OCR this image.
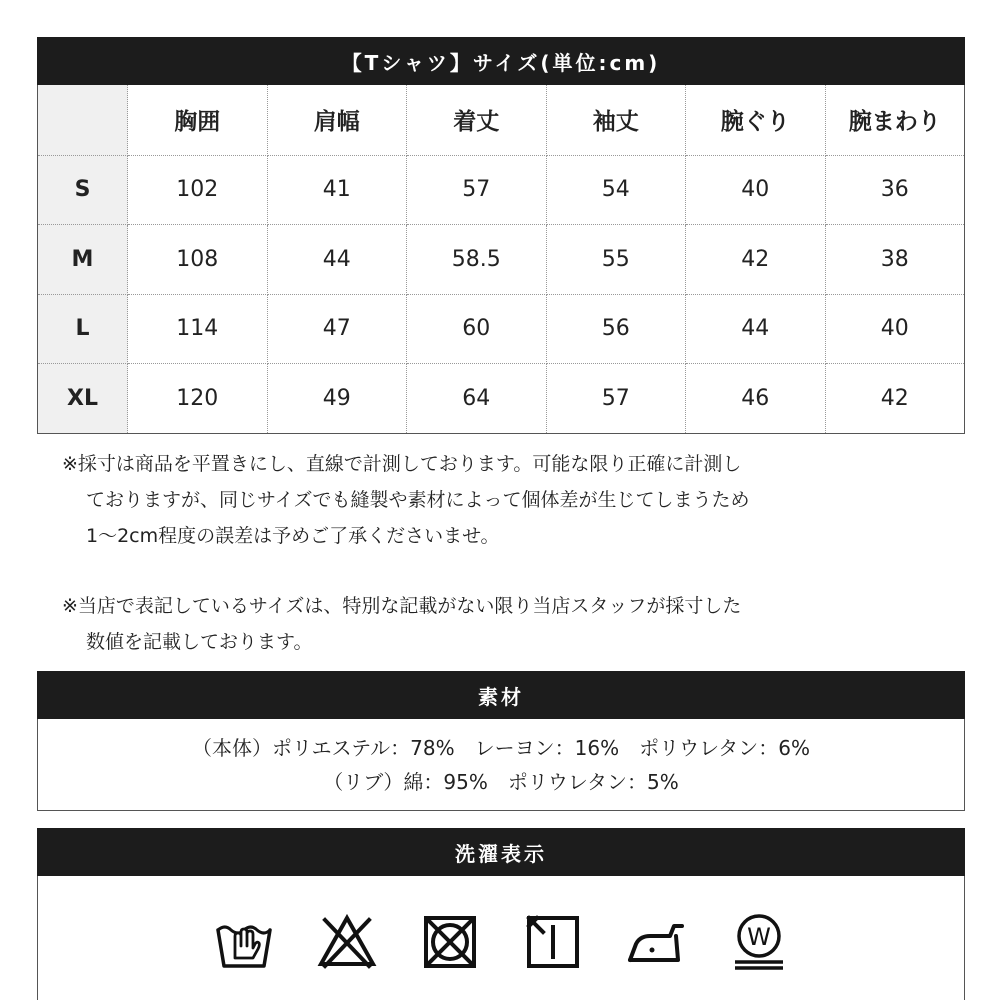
【Tシャツ】サイズ(単位:cm)
	胸囲	肩幅	着丈	袖丈	腕ぐり	腕まわり
S	102	41	57	54	40	36
M	108	44	58.5	55	42	38
L	114	47	60	56	44	40
XL	120	49	64	57	46	42

※採寸は商品を平置きにし、直線で計測しております。可能な限り正確に計測し

ておりますが、同じサイズでも縫製や素材によって個体差が生じてしまうため

1～2cm程度の誤差は予めご了承くださいませ。

※当店で表記しているサイズは、特別な記載がない限り当店スタッフが採寸した

数値を記載しております。

素材
（本体）ポリエステル：78%　レーヨン：16%　ポリウレタン：6%
（リブ）綿：95%　ポリウレタン：5%
洗濯表示
W
